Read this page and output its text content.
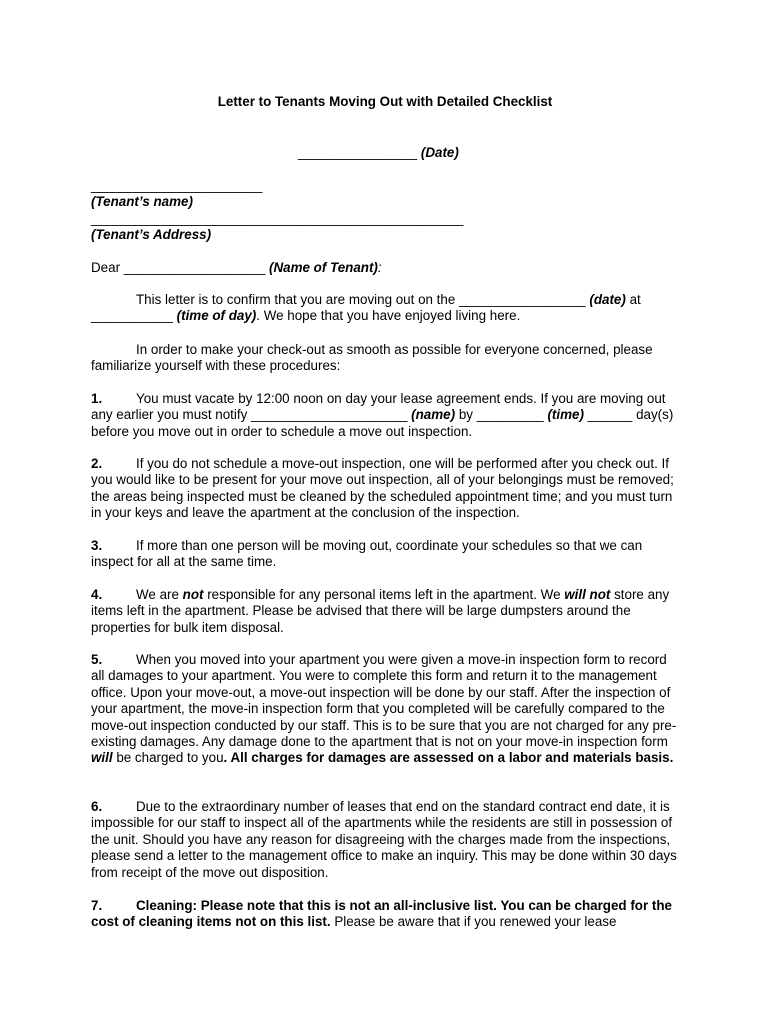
Letter to Tenants Moving Out with Detailed Checklist
________________ (Date)

_______________________

(Tenant’s name)

__________________________________________________

(Tenant’s Address)

Dear ___________________ (Name of Tenant):
This letter is to confirm that you are moving out on the _________________ (date) at ___________ (time of day). We hope that you have enjoyed living here.
In order to make your check-out as smooth as possible for everyone concerned, please familiarize yourself with these procedures:
1.	You must vacate by 12:00 noon on day your lease agreement ends. If you are moving out any earlier you must notify _____________________ (name) by _________ (time) ______ day(s) before you move out in order to schedule a move out inspection.
2.	If you do not schedule a move-out inspection, one will be performed after you check out. If you would like to be present for your move out inspection, all of your belongings must be removed; the areas being inspected must be cleaned by the scheduled appointment time; and you must turn in your keys and leave the apartment at the conclusion of the inspection.
3.	If more than one person will be moving out, coordinate your schedules so that we can inspect for all at the same time.
4.	We are not responsible for any personal items left in the apartment. We will not store any items left in the apartment. Please be advised that there will be large dumpsters around the properties for bulk item disposal.
5.	When you moved into your apartment you were given a move-in inspection form to record all damages to your apartment. You were to complete this form and return it to the management office. Upon your move-out, a move-out inspection will be done by our staff. After the inspection of your apartment, the move-in inspection form that you completed will be carefully compared to the move-out inspection conducted by our staff. This is to be sure that you are not charged for any pre-existing damages. Any damage done to the apartment that is not on your move-in inspection form will be charged to you. All charges for damages are assessed on a labor and materials basis.
6.	Due to the extraordinary number of leases that end on the standard contract end date, it is impossible for our staff to inspect all of the apartments while the residents are still in possession of the unit. Should you have any reason for disagreeing with the charges made from the inspections, please send a letter to the management office to make an inquiry. This may be done within 30 days from receipt of the move out disposition.
7.	Cleaning: Please note that this is not an all-inclusive list. You can be charged for the cost of cleaning items not on this list. Please be aware that if you renewed your lease
